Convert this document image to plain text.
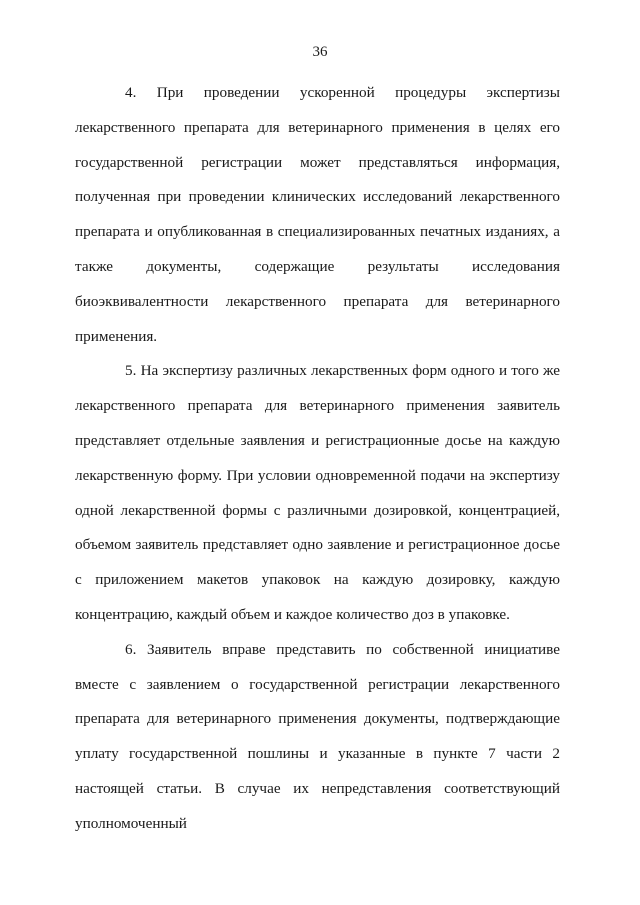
36

4. При проведении ускоренной процедуры экспертизы лекарственного препарата для ветеринарного применения в целях его государственной регистрации может представляться информация, полученная при проведении клинических исследований лекарственного препарата и опубликованная в специализированных печатных изданиях, а также документы, содержащие результаты исследования биоэквивалентности лекарственного препарата для ветеринарного применения.

5. На экспертизу различных лекарственных форм одного и того же лекарственного препарата для ветеринарного применения заявитель представляет отдельные заявления и регистрационные досье на каждую лекарственную форму. При условии одновременной подачи на экспертизу одной лекарственной формы с различными дозировкой, концентрацией, объемом заявитель представляет одно заявление и регистрационное досье с приложением макетов упаковок на каждую дозировку, каждую концентрацию, каждый объем и каждое количество доз в упаковке.

6. Заявитель вправе представить по собственной инициативе вместе с заявлением о государственной регистрации лекарственного препарата для ветеринарного применения документы, подтверждающие уплату государственной пошлины и указанные в пункте 7 части 2 настоящей статьи. В случае их непредставления соответствующий уполномоченный
